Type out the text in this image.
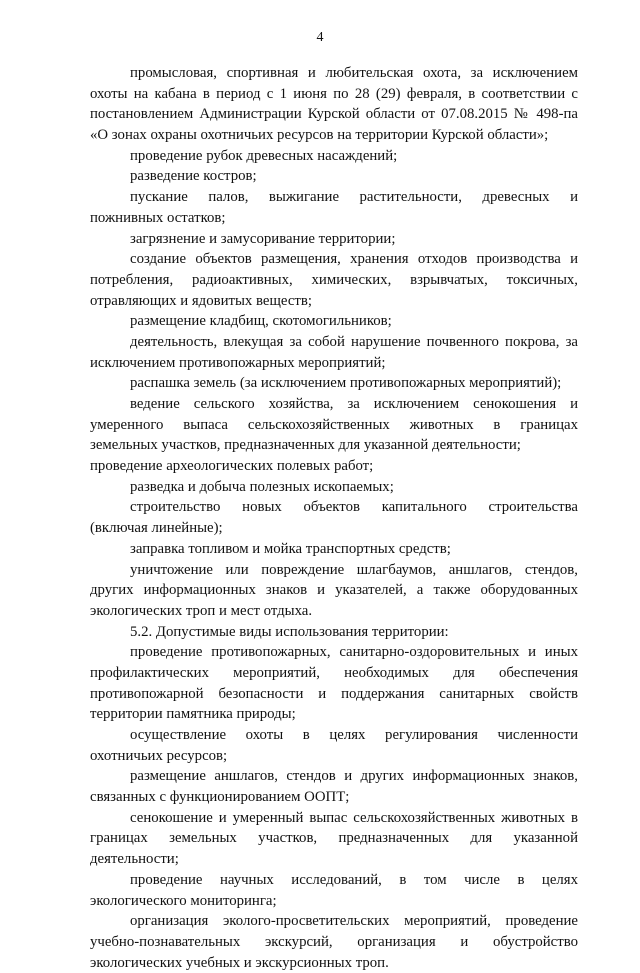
4
промысловая, спортивная и любительская охота, за исключением
охоты на кабана в период с 1 июня по 28 (29) февраля, в соответствии с
постановлением Администрации Курской области от 07.08.2015 № 498-па
«О зонах охраны охотничьих ресурсов на территории Курской области»;
проведение рубок древесных насаждений;
разведение костров;
пускание палов, выжигание растительности, древесных и
пожнивных остатков;
загрязнение и замусоривание территории;
создание объектов размещения, хранения отходов производства и
потребления, радиоактивных, химических, взрывчатых, токсичных,
отравляющих и ядовитых веществ;
размещение кладбищ, скотомогильников;
деятельность, влекущая за собой нарушение почвенного покрова, за
исключением противопожарных мероприятий;
распашка земель (за исключением противопожарных мероприятий);
ведение сельского хозяйства, за исключением сенокошения и
умеренного выпаса сельскохозяйственных животных в границах
земельных участков, предназначенных для указанной деятельности;
проведение археологических полевых работ;
разведка и добыча полезных ископаемых;
строительство новых объектов капитального строительства
(включая линейные);
заправка топливом и мойка транспортных средств;
уничтожение или повреждение шлагбаумов, аншлагов, стендов,
других информационных знаков и указателей, а также оборудованных
экологических троп и мест отдыха.
5.2. Допустимые виды использования территории:
проведение противопожарных, санитарно-оздоровительных и иных
профилактических мероприятий, необходимых для обеспечения
противопожарной безопасности и поддержания санитарных свойств
территории памятника природы;
осуществление охоты в целях регулирования численности
охотничьих ресурсов;
размещение аншлагов, стендов и других информационных знаков,
связанных с функционированием ООПТ;
сенокошение и умеренный выпас сельскохозяйственных животных в
границах земельных участков, предназначенных для указанной
деятельности;
проведение научных исследований, в том числе в целях
экологического мониторинга;
организация эколого-просветительских мероприятий, проведение
учебно-познавательных экскурсий, организация и обустройство
экологических учебных и экскурсионных троп.
